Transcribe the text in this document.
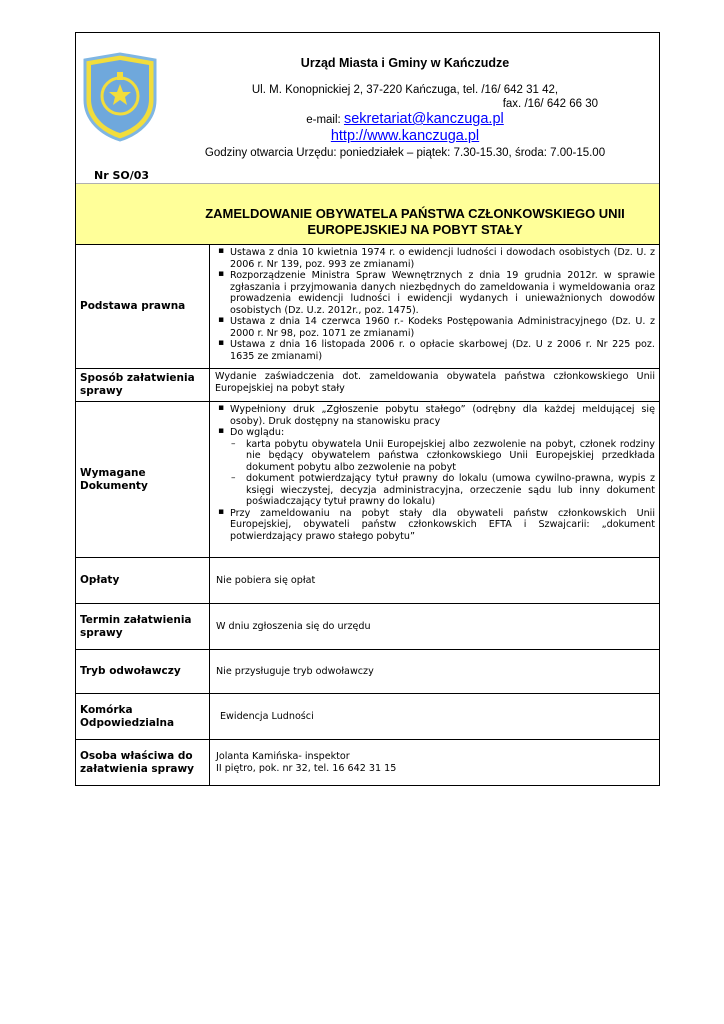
Urząd Miasta i Gminy w Kańczudze
Ul. M. Konopnickiej 2, 37-220 Kańczuga, tel. /16/ 642 31 42,
fax. /16/ 642 66 30
e-mail: sekretariat@kanczuga.pl
http://www.kanczuga.pl
Godziny otwarcia Urzędu: poniedziałek – piątek: 7.30-15.30, środa: 7.00-15.00
Nr SO/03
ZAMELDOWANIE OBYWATELA PAŃSTWA CZŁONKOWSKIEGO UNII EUROPEJSKIEJ NA POBYT STAŁY
Podstawa prawna
▪ Ustawa z dnia 10 kwietnia 1974 r. o ewidencji ludności i dowodach osobistych (Dz. U. z 2006 r. Nr 139, poz. 993 ze zmianami)
▪ Rozporządzenie Ministra Spraw Wewnętrznych z dnia 19 grudnia 2012r. w sprawie zgłaszania i przyjmowania danych niezbędnych do zameldowania i wymeldowania oraz prowadzenia ewidencji ludności i ewidencji wydanych i unieważnionych dowodów osobistych (Dz. U.z. 2012r., poz. 1475).
▪ Ustawa z dnia 14 czerwca 1960 r.- Kodeks Postępowania Administracyjnego (Dz. U. z 2000 r. Nr 98, poz. 1071 ze zmianami)
▪ Ustawa z dnia 16 listopada 2006 r. o opłacie skarbowej (Dz. U z 2006 r. Nr 225 poz. 1635 ze zmianami)
Sposób załatwienia sprawy
Wydanie zaświadczenia dot. zameldowania obywatela państwa członkowskiego Unii Europejskiej na pobyt stały
Wymagane Dokumenty
▪ Wypełniony druk „Zgłoszenie pobytu stałego” (odrębny dla każdej meldującej się osoby). Druk dostępny na stanowisku pracy
▪ Do wglądu:
– karta pobytu obywatela Unii Europejskiej albo zezwolenie na pobyt, członek rodziny nie będący obywatelem państwa członkowskiego Unii Europejskiej przedkłada dokument pobytu albo zezwolenie na pobyt
– dokument potwierdzający tytuł prawny do lokalu (umowa cywilno-prawna, wypis z księgi wieczystej, decyzja administracyjna, orzeczenie sądu lub inny dokument poświadczający tytuł prawny do lokalu)
▪ Przy zameldowaniu na pobyt stały dla obywateli państw członkowskich Unii Europejskiej, obywateli państw członkowskich EFTA i Szwajcarii: „dokument potwierdzający prawo stałego pobytu”
Opłaty	Nie pobiera się opłat
Termin załatwienia sprawy
W dniu zgłoszenia się do urzędu
Tryb odwoławczy	Nie przysługuje tryb odwoławczy
Komórka Odpowiedzialna
Ewidencja Ludności
Osoba właściwa do załatwienia sprawy
Jolanta Kamińska- inspektor
II piętro, pok. nr 32, tel. 16 642 31 15
